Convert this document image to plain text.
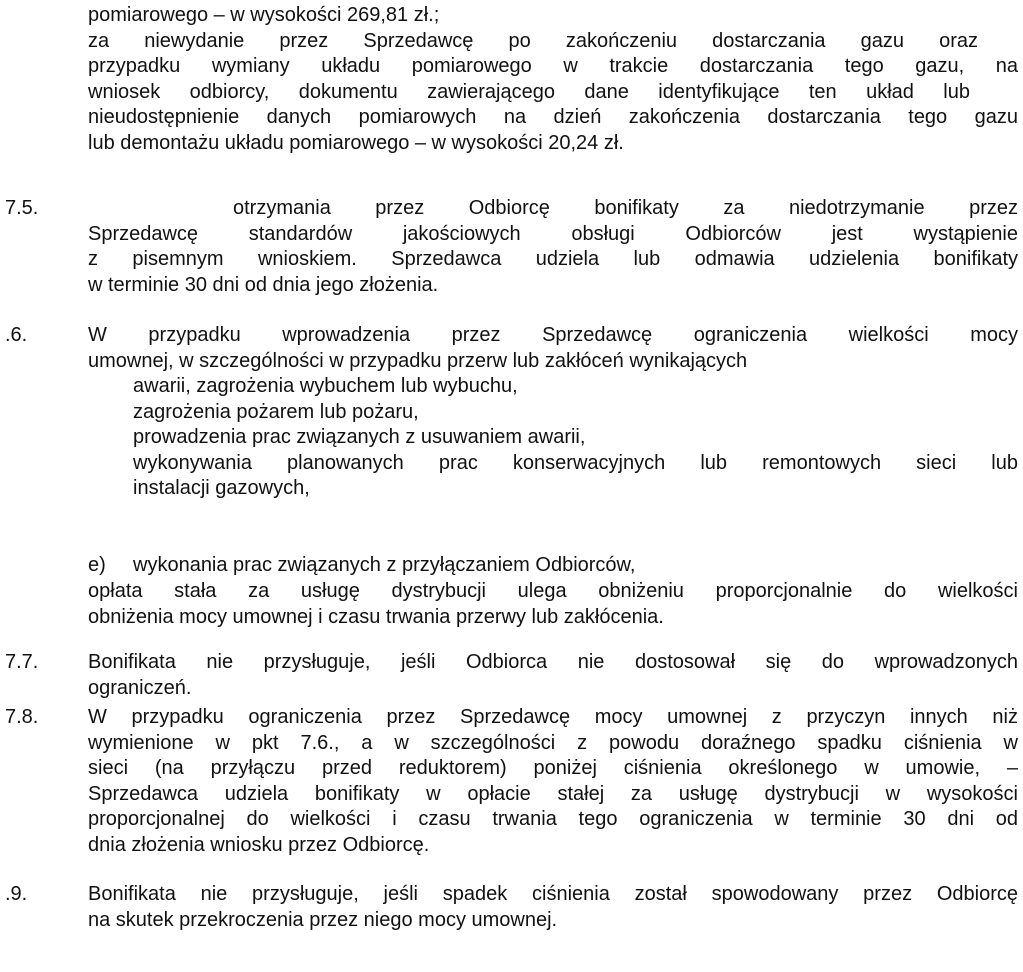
pomiarowego – w wysokości 269,81 zł.;
za niewydanie przez Sprzedawcę po zakończeniu dostarczania gazu oraz
przypadku wymiany układu pomiarowego w trakcie dostarczania tego gazu, na
wniosek odbiorcy, dokumentu zawierającego dane identyfikujące ten układ lub
nieudostępnienie danych pomiarowych na dzień zakończenia dostarczania tego gazu
lub demontażu układu pomiarowego – w wysokości 20,24 zł.
7.5.	otrzymania przez Odbiorcę bonifikaty za niedotrzymanie przez
Sprzedawcę standardów jakościowych obsługi Odbiorców jest wystąpienie
z pisemnym wnioskiem. Sprzedawca udziela lub odmawia udzielenia bonifikaty
w terminie 30 dni od dnia jego złożenia.
.6.	W przypadku wprowadzenia przez Sprzedawcę ograniczenia wielkości mocy
umownej, w szczególności w przypadku przerw lub zakłóceń wynikających
awarii, zagrożenia wybuchem lub wybuchu,
zagrożenia pożarem lub pożaru,
prowadzenia prac związanych z usuwaniem awarii,
wykonywania planowanych prac konserwacyjnych lub remontowych sieci lub
instalacji gazowych,
e) wykonania prac związanych z przyłączaniem Odbiorców,
opłata stała za usługę dystrybucji ulega obniżeniu proporcjonalnie do wielkości
obniżenia mocy umownej i czasu trwania przerwy lub zakłócenia.
7.7.	Bonifikata nie przysługuje, jeśli Odbiorca nie dostosował się do wprowadzonych
ograniczeń.
7.8.	W przypadku ograniczenia przez Sprzedawcę mocy umownej z przyczyn innych niż
wymienione w pkt 7.6., a w szczególności z powodu doraźnego spadku ciśnienia w
sieci (na przyłączu przed reduktorem) poniżej ciśnienia określonego w umowie, –
Sprzedawca udziela bonifikaty w opłacie stałej za usługę dystrybucji w wysokości
proporcjonalnej do wielkości i czasu trwania tego ograniczenia w terminie 30 dni od
dnia złożenia wniosku przez Odbiorcę.
.9.	Bonifikata nie przysługuje, jeśli spadek ciśnienia został spowodowany przez Odbiorcę
na skutek przekroczenia przez niego mocy umownej.
